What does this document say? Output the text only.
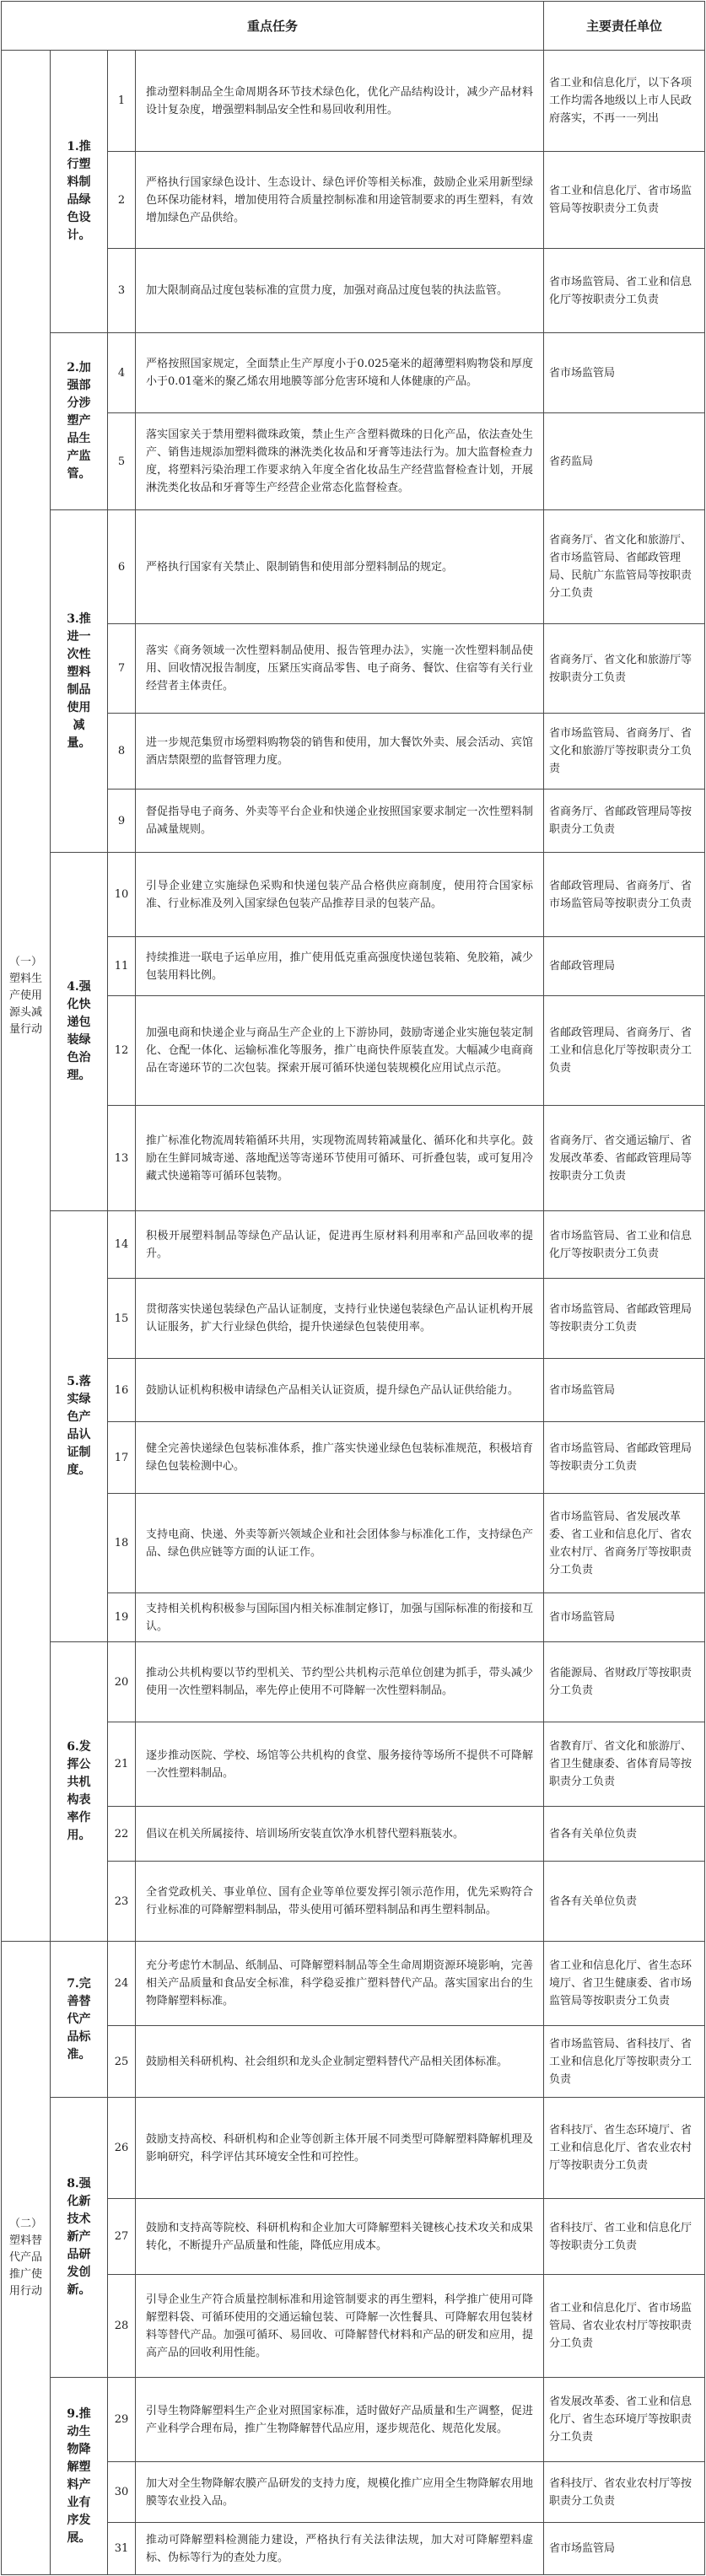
重点任务				主要责任单位
（一）塑料生产使用源头减量行动	1.推行塑料制品绿色设计。	1	推动塑料制品全生命周期各环节技术绿色化，优化产品结构设计，减少产品材料设计复杂度，增强塑料制品安全性和易回收利用性。	省工业和信息化厅，以下各项工作均需各地级以上市人民政府落实，不再一一列出
		2	严格执行国家绿色设计、生态设计、绿色评价等相关标准，鼓励企业采用新型绿色环保功能材料，增加使用符合质量控制标准和用途管制要求的再生塑料，有效增加绿色产品供给。	省工业和信息化厅、省市场监管局等按职责分工负责
		3	加大限制商品过度包装标准的宣贯力度，加强对商品过度包装的执法监管。	省市场监管局、省工业和信息化厅等按职责分工负责
	2.加强部分涉塑产品生产监管。	4	严格按照国家规定，全面禁止生产厚度小于0.025毫米的超薄塑料购物袋和厚度小于0.01毫米的聚乙烯农用地膜等部分危害环境和人体健康的产品。	省市场监管局
		5	落实国家关于禁用塑料微珠政策，禁止生产含塑料微珠的日化产品，依法查处生产、销售违规添加塑料微珠的淋洗类化妆品和牙膏等违法行为。加大监督检查力度，将塑料污染治理工作要求纳入年度全省化妆品生产经营监督检查计划，开展淋洗类化妆品和牙膏等生产经营企业常态化监督检查。	省药监局
	3.推进一次性塑料制品使用减量。	6	严格执行国家有关禁止、限制销售和使用部分塑料制品的规定。	省商务厅、省文化和旅游厅、省市场监管局、省邮政管理局、民航广东监管局等按职责分工负责
		7	落实《商务领域一次性塑料制品使用、报告管理办法》，实施一次性塑料制品使用、回收情况报告制度，压紧压实商品零售、电子商务、餐饮、住宿等有关行业经营者主体责任。	省商务厅、省文化和旅游厅等按职责分工负责
		8	进一步规范集贸市场塑料购物袋的销售和使用，加大餐饮外卖、展会活动、宾馆酒店禁限塑的监督管理力度。	省市场监管局、省商务厅、省文化和旅游厅等按职责分工负责
		9	督促指导电子商务、外卖等平台企业和快递企业按照国家要求制定一次性塑料制品减量规则。	省商务厅、省邮政管理局等按职责分工负责
	4.强化快递包装绿色治理。	10	引导企业建立实施绿色采购和快递包装产品合格供应商制度，使用符合国家标准、行业标准及列入国家绿色包装产品推荐目录的包装产品。	省邮政管理局、省商务厅、省市场监管局等按职责分工负责
		11	持续推进一联电子运单应用，推广使用低克重高强度快递包装箱、免胶箱，减少包装用料比例。	省邮政管理局
		12	加强电商和快递企业与商品生产企业的上下游协同，鼓励寄递企业实施包装定制化、仓配一体化、运输标准化等服务，推广电商快件原装直发。大幅减少电商商品在寄递环节的二次包装。探索开展可循环快递包装规模化应用试点示范。	省邮政管理局、省商务厅、省工业和信息化厅等按职责分工负责
		13	推广标准化物流周转箱循环共用，实现物流周转箱减量化、循环化和共享化。鼓励在生鲜同城寄递、落地配送等寄递环节使用可循环、可折叠包装，或可复用冷藏式快递箱等可循环包装物。	省商务厅、省交通运输厅、省发展改革委、省邮政管理局等按职责分工负责
	5.落实绿色产品认证制度。	14	积极开展塑料制品等绿色产品认证，促进再生原材料利用率和产品回收率的提升。	省市场监管局、省工业和信息化厅等按职责分工负责
		15	贯彻落实快递包装绿色产品认证制度，支持行业快递包装绿色产品认证机构开展认证服务，扩大行业绿色供给，提升快递绿色包装使用率。	省市场监管局、省邮政管理局等按职责分工负责
		16	鼓励认证机构积极申请绿色产品相关认证资质，提升绿色产品认证供给能力。	省市场监管局
		17	健全完善快递绿色包装标准体系，推广落实快递业绿色包装标准规范，积极培育绿色包装检测中心。	省市场监管局、省邮政管理局等按职责分工负责
		18	支持电商、快递、外卖等新兴领域企业和社会团体参与标准化工作，支持绿色产品、绿色供应链等方面的认证工作。	省市场监管局、省发展改革委、省工业和信息化厅、省农业农村厅、省商务厅等按职责分工负责
		19	支持相关机构积极参与国际国内相关标准制定修订，加强与国际标准的衔接和互认。	省市场监管局
	6.发挥公共机构表率作用。	20	推动公共机构要以节约型机关、节约型公共机构示范单位创建为抓手，带头减少使用一次性塑料制品，率先停止使用不可降解一次性塑料制品。	省能源局、省财政厅等按职责分工负责
		21	逐步推动医院、学校、场馆等公共机构的食堂、服务接待等场所不提供不可降解一次性塑料制品。	省教育厅、省文化和旅游厅、省卫生健康委、省体育局等按职责分工负责
		22	倡议在机关所属接待、培训场所安装直饮净水机替代塑料瓶装水。	省各有关单位负责
		23	全省党政机关、事业单位、国有企业等单位要发挥引领示范作用，优先采购符合行业标准的可降解塑料制品，带头使用可循环塑料制品和再生塑料制品。	省各有关单位负责
（二）塑料替代产品推广使用行动	7.完善替代产品标准。	24	充分考虑竹木制品、纸制品、可降解塑料制品等全生命周期资源环境影响，完善相关产品质量和食品安全标准，科学稳妥推广塑料替代产品。落实国家出台的生物降解塑料标准。	省工业和信息化厅、省生态环境厅、省卫生健康委、省市场监管局等按职责分工负责
		25	鼓励相关科研机构、社会组织和龙头企业制定塑料替代产品相关团体标准。	省市场监管局、省科技厅、省工业和信息化厅等按职责分工负责
	8.强化新技术新产品研发创新。	26	鼓励支持高校、科研机构和企业等创新主体开展不同类型可降解塑料降解机理及影响研究，科学评估其环境安全性和可控性。	省科技厅、省生态环境厅、省工业和信息化厅、省农业农村厅等按职责分工负责
		27	鼓励和支持高等院校、科研机构和企业加大可降解塑料关键核心技术攻关和成果转化，不断提升产品质量和性能，降低应用成本。	省科技厅、省工业和信息化厅等按职责分工负责
		28	引导企业生产符合质量控制标准和用途管制要求的再生塑料，科学推广使用可降解塑料袋、可循环使用的交通运输包装、可降解一次性餐具、可降解农用包装材料等替代产品。加强可循环、易回收、可降解替代材料和产品的研发和应用，提高产品的回收利用性能。	省工业和信息化厅、省市场监管局、省农业农村厅等按职责分工负责
	9.推动生物降解塑料产业有序发展。	29	引导生物降解塑料生产企业对照国家标准，适时做好产品质量和生产调整，促进产业科学合理布局，推广生物降解替代品应用，逐步规范化、规范化发展。	省发展改革委、省工业和信息化厅、省生态环境厅等按职责分工负责
		30	加大对全生物降解农膜产品研发的支持力度，规模化推广应用全生物降解农用地膜等农业投入品。	省科技厅、省农业农村厅等按职责分工负责
		31	推动可降解塑料检测能力建设，严格执行有关法律法规，加大对可降解塑料虚标、伪标等行为的查处力度。	省市场监管局
